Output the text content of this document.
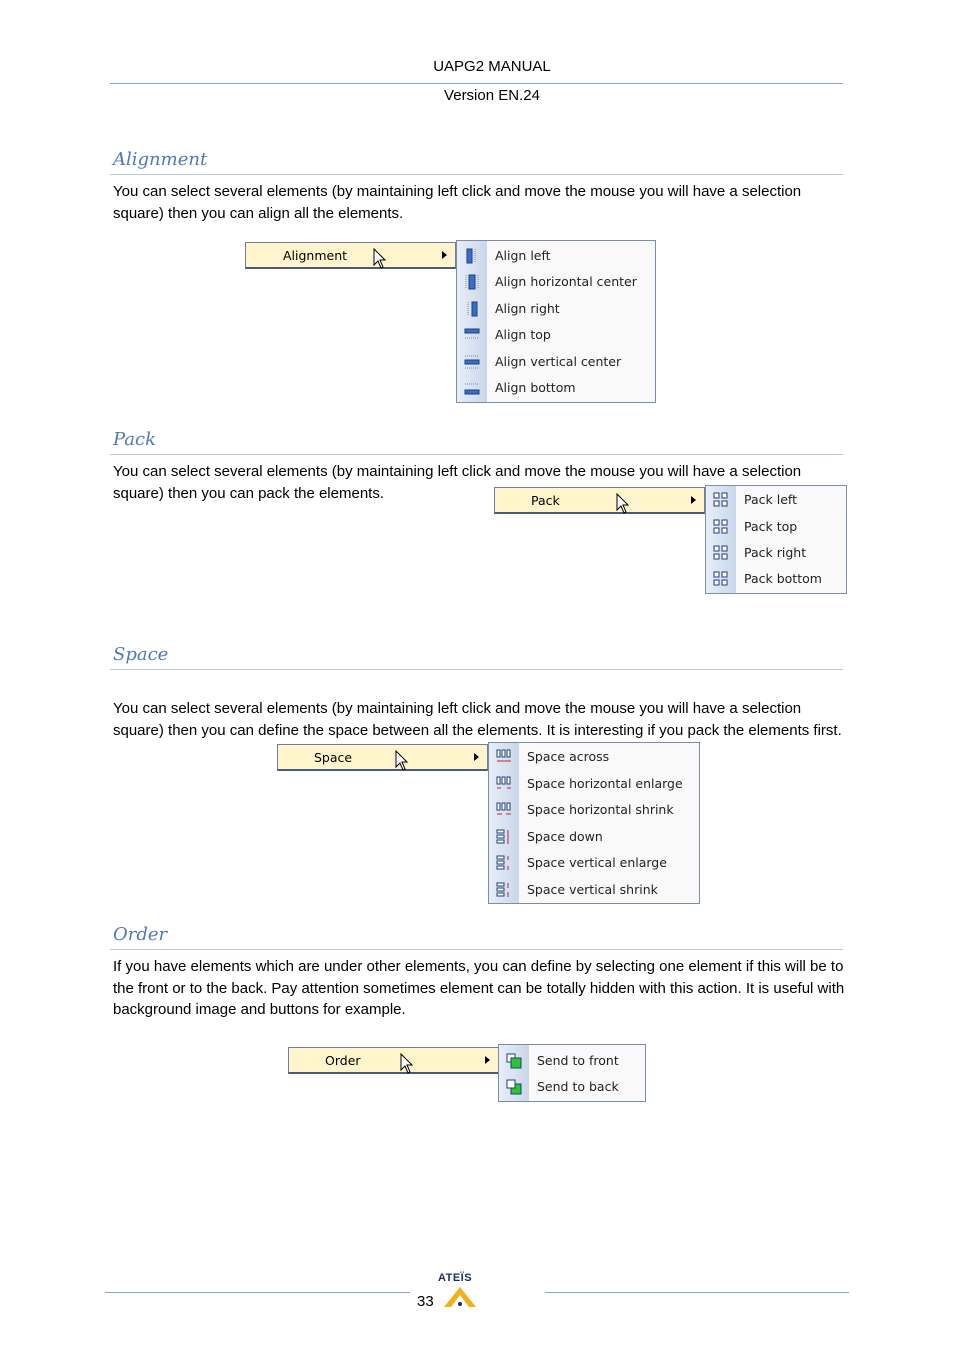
UAPG2 MANUAL
Version EN.24
Alignment
You can select several elements (by maintaining left click and move the mouse you will have a selection square) then you can align all the elements.
Alignment	Align left
Align horizontal center
Align right
Align top
Align vertical center
Align bottom
Pack
You can select several elements (by maintaining left click and move the mouse you will have a selection square) then you can pack the elements.	Pack	Pack left
Pack top
Pack right
Pack bottom
Space
You can select several elements (by maintaining left click and move the mouse you will have a selection square) then you can define the space between all the elements. It is interesting if you pack the elements first.
Space	Space across
Space horizontal enlarge
Space horizontal shrink
Space down
Space vertical enlarge
Space vertical shrink
Order
If you have elements which are under other elements, you can define by selecting one element if this will be to the front or to the back. Pay attention sometimes element can be totally hidden with this action. It is useful with background image and buttons for example.
Order	Send to front
Send to back
ATEÏS
33
